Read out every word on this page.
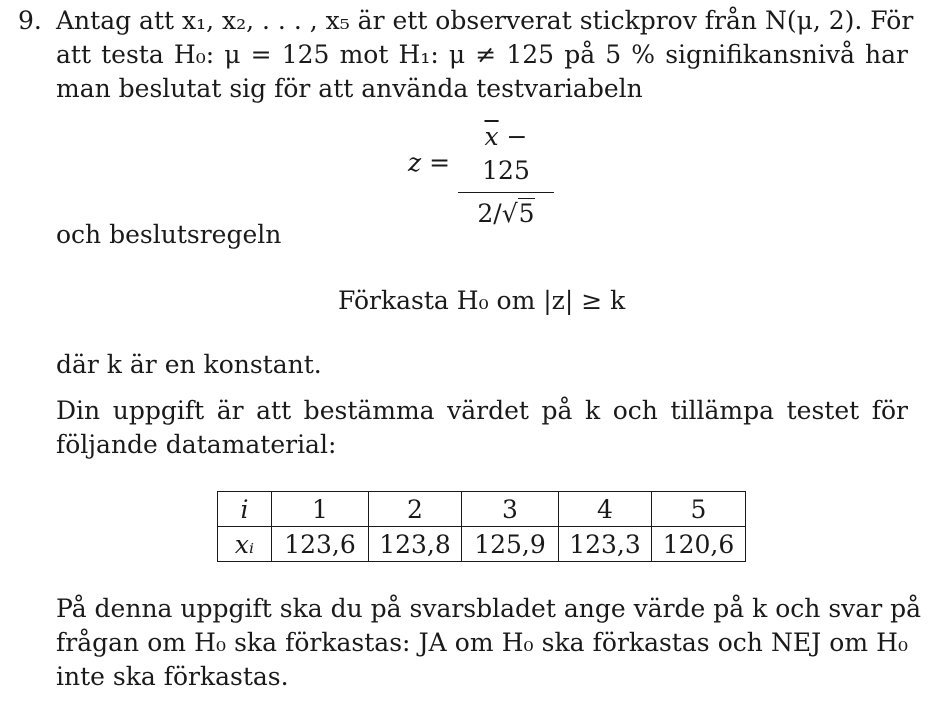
9. Antag att x₁, x₂, . . . , x₅ är ett observerat stickprov från N(μ, 2). För
att testa H₀: μ = 125 mot H₁: μ ≠ 125 på 5 % signifikansnivå har
man beslutat sig för att använda testvariabeln
z =
$\overline{x} - 125$
2/√5
och beslutsregeln
Förkasta H₀ om |z| ≥ k
där k är en konstant.
Din uppgift är att bestämma värdet på k och tillämpa testet för
följande datamaterial:
i	1	2	3	4	5
xᵢ	123,6	123,8	125,9	123,3	120,6
På denna uppgift ska du på svarsbladet ange värde på k och svar på
frågan om H₀ ska förkastas: JA om H₀ ska förkastas och NEJ om H₀
inte ska förkastas.
